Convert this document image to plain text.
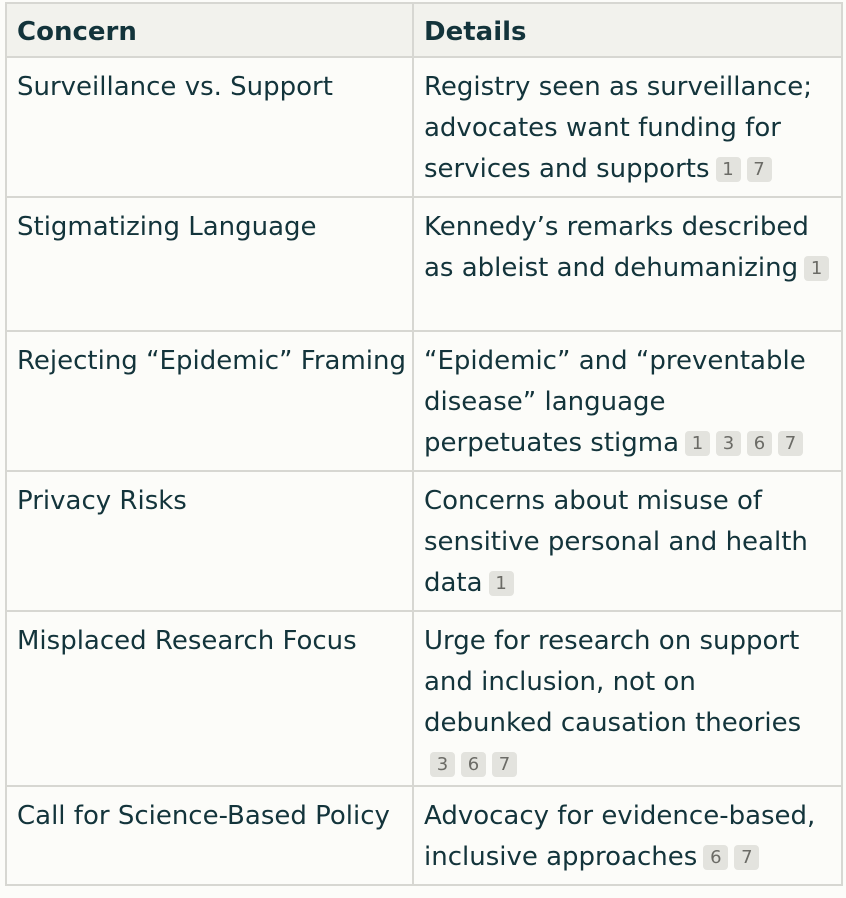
Concern	Details
Surveillance vs. Support	Registry seen as surveillance; advocates want funding for services and supports 1 7
Stigmatizing Language	Kennedy’s remarks described as ableist and dehumanizing 1
Rejecting “Epidemic” Framing	“Epidemic” and “preventable disease” language perpetuates stigma 1 3 6 7
Privacy Risks	Concerns about misuse of sensitive personal and health data 1
Misplaced Research Focus	Urge for research on support and inclusion, not on debunked causation theories3 6 7
Call for Science-Based Policy	Advocacy for evidence-based, inclusive approaches 6 7
